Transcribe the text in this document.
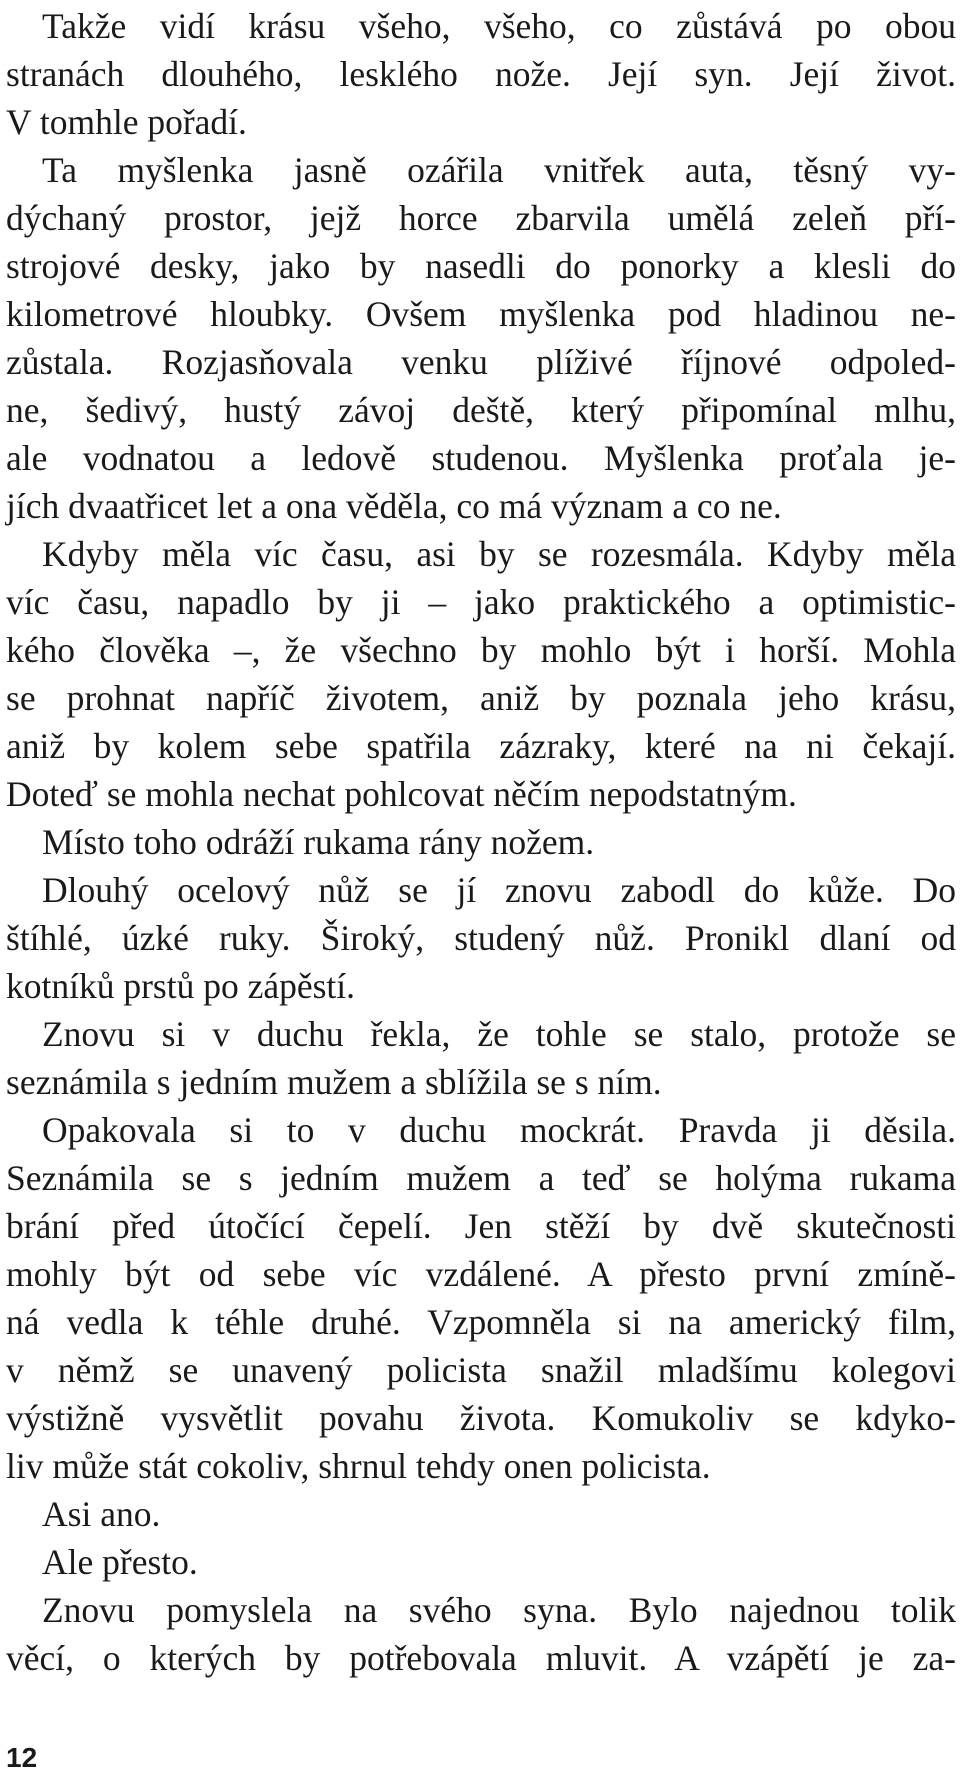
Takže vidí krásu všeho, všeho, co zůstává po obou
stranách dlouhého, lesklého nože. Její syn. Její život.
V tomhle pořadí.
Ta myšlenka jasně ozářila vnitřek auta, těsný vy-
dýchaný prostor, jejž horce zbarvila umělá zeleň pří-
strojové desky, jako by nasedli do ponorky a klesli do
kilometrové hloubky. Ovšem myšlenka pod hladinou ne-
zůstala. Rozjasňovala venku plíživé říjnové odpoled-
ne, šedivý, hustý závoj deště, který připomínal mlhu,
ale vodnatou a ledově studenou. Myšlenka proťala je-
jích dvaatřicet let a ona věděla, co má význam a co ne.
Kdyby měla víc času, asi by se rozesmála. Kdyby měla
víc času, napadlo by ji – jako praktického a optimistic-
kého člověka –, že všechno by mohlo být i horší. Mohla
se prohnat napříč životem, aniž by poznala jeho krásu,
aniž by kolem sebe spatřila zázraky, které na ni čekají.
Doteď se mohla nechat pohlcovat něčím nepodstatným.
Místo toho odráží rukama rány nožem.
Dlouhý ocelový nůž se jí znovu zabodl do kůže. Do
štíhlé, úzké ruky. Široký, studený nůž. Pronikl dlaní od
kotníků prstů po zápěstí.
Znovu si v duchu řekla, že tohle se stalo, protože se
seznámila s jedním mužem a sblížila se s ním.
Opakovala si to v duchu mockrát. Pravda ji děsila.
Seznámila se s jedním mužem a teď se holýma rukama
brání před útočící čepelí. Jen stěží by dvě skutečnosti
mohly být od sebe víc vzdálené. A přesto první zmíně-
ná vedla k téhle druhé. Vzpomněla si na americký film,
v němž se unavený policista snažil mladšímu kolegovi
výstižně vysvětlit povahu života. Komukoliv se kdyko-
liv může stát cokoliv, shrnul tehdy onen policista.
Asi ano.
Ale přesto.
Znovu pomyslela na svého syna. Bylo najednou tolik
věcí, o kterých by potřebovala mluvit. A vzápětí je za-
12
